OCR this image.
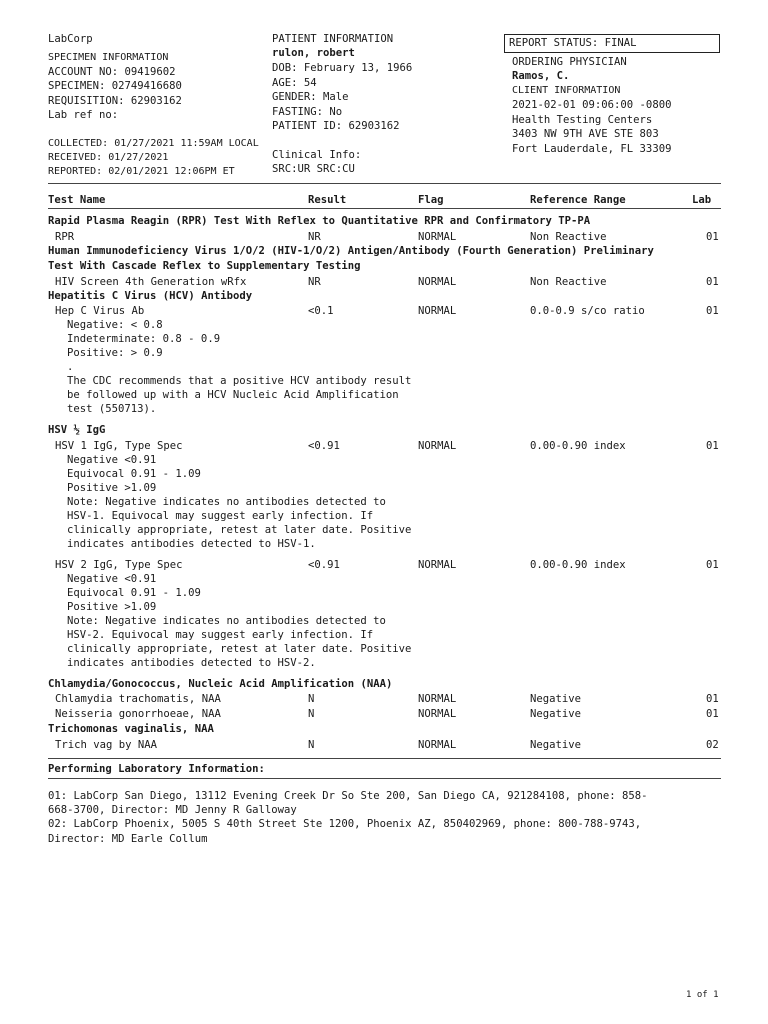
LabCorp
SPECIMEN INFORMATION
ACCOUNT NO: 09419602
SPECIMEN: 02749416680
REQUISITION: 62903162
Lab ref no:
COLLECTED: 01/27/2021 11:59AM LOCAL
RECEIVED: 01/27/2021
REPORTED: 02/01/2021 12:06PM ET
PATIENT INFORMATION
rulon, robert
DOB: February 13, 1966
AGE: 54
GENDER: Male
FASTING: No
PATIENT ID: 62903162
Clinical Info:
SRC:UR SRC:CU
REPORT STATUS: FINAL
ORDERING PHYSICIAN
Ramos, C.
CLIENT INFORMATION
2021-02-01 09:06:00 -0800
Health Testing Centers
3403 NW 9TH AVE STE 803
Fort Lauderdale, FL 33309
Test Name	Result	Flag	Reference Range	Lab
Rapid Plasma Reagin (RPR) Test With Reflex to Quantitative RPR and Confirmatory TP-PA
RPR	NR	NORMAL	Non Reactive	01
Human Immunodeficiency Virus 1/O/2 (HIV-1/O/2) Antigen/Antibody (Fourth Generation) Preliminary
Test With Cascade Reflex to Supplementary Testing
HIV Screen 4th Generation wRfx	NR	NORMAL	Non Reactive	01
Hepatitis C Virus (HCV) Antibody
Hep C Virus Ab	<0.1	NORMAL	0.0-0.9 s/co ratio	01
Negative: < 0.8
Indeterminate: 0.8 - 0.9
Positive: > 0.9
.
The CDC recommends that a positive HCV antibody result
be followed up with a HCV Nucleic Acid Amplification
test (550713).
HSV ½ IgG
HSV 1 IgG, Type Spec	<0.91	NORMAL	0.00-0.90 index	01
Negative <0.91
Equivocal 0.91 - 1.09
Positive >1.09
Note: Negative indicates no antibodies detected to
HSV-1. Equivocal may suggest early infection. If
clinically appropriate, retest at later date. Positive
indicates antibodies detected to HSV-1.
HSV 2 IgG, Type Spec	<0.91	NORMAL	0.00-0.90 index	01
Negative <0.91
Equivocal 0.91 - 1.09
Positive >1.09
Note: Negative indicates no antibodies detected to
HSV-2. Equivocal may suggest early infection. If
clinically appropriate, retest at later date. Positive
indicates antibodies detected to HSV-2.
Chlamydia/Gonococcus, Nucleic Acid Amplification (NAA)
Chlamydia trachomatis, NAA	N	NORMAL	Negative	01
Neisseria gonorrhoeae, NAA	N	NORMAL	Negative	01
Trichomonas vaginalis, NAA
Trich vag by NAA	N	NORMAL	Negative	02
Performing Laboratory Information:
01: LabCorp San Diego, 13112 Evening Creek Dr So Ste 200, San Diego CA, 921284108, phone: 858-
668-3700, Director: MD Jenny R Galloway
02: LabCorp Phoenix, 5005 S 40th Street Ste 1200, Phoenix AZ, 850402969, phone: 800-788-9743,
Director: MD Earle Collum
1 of 1
